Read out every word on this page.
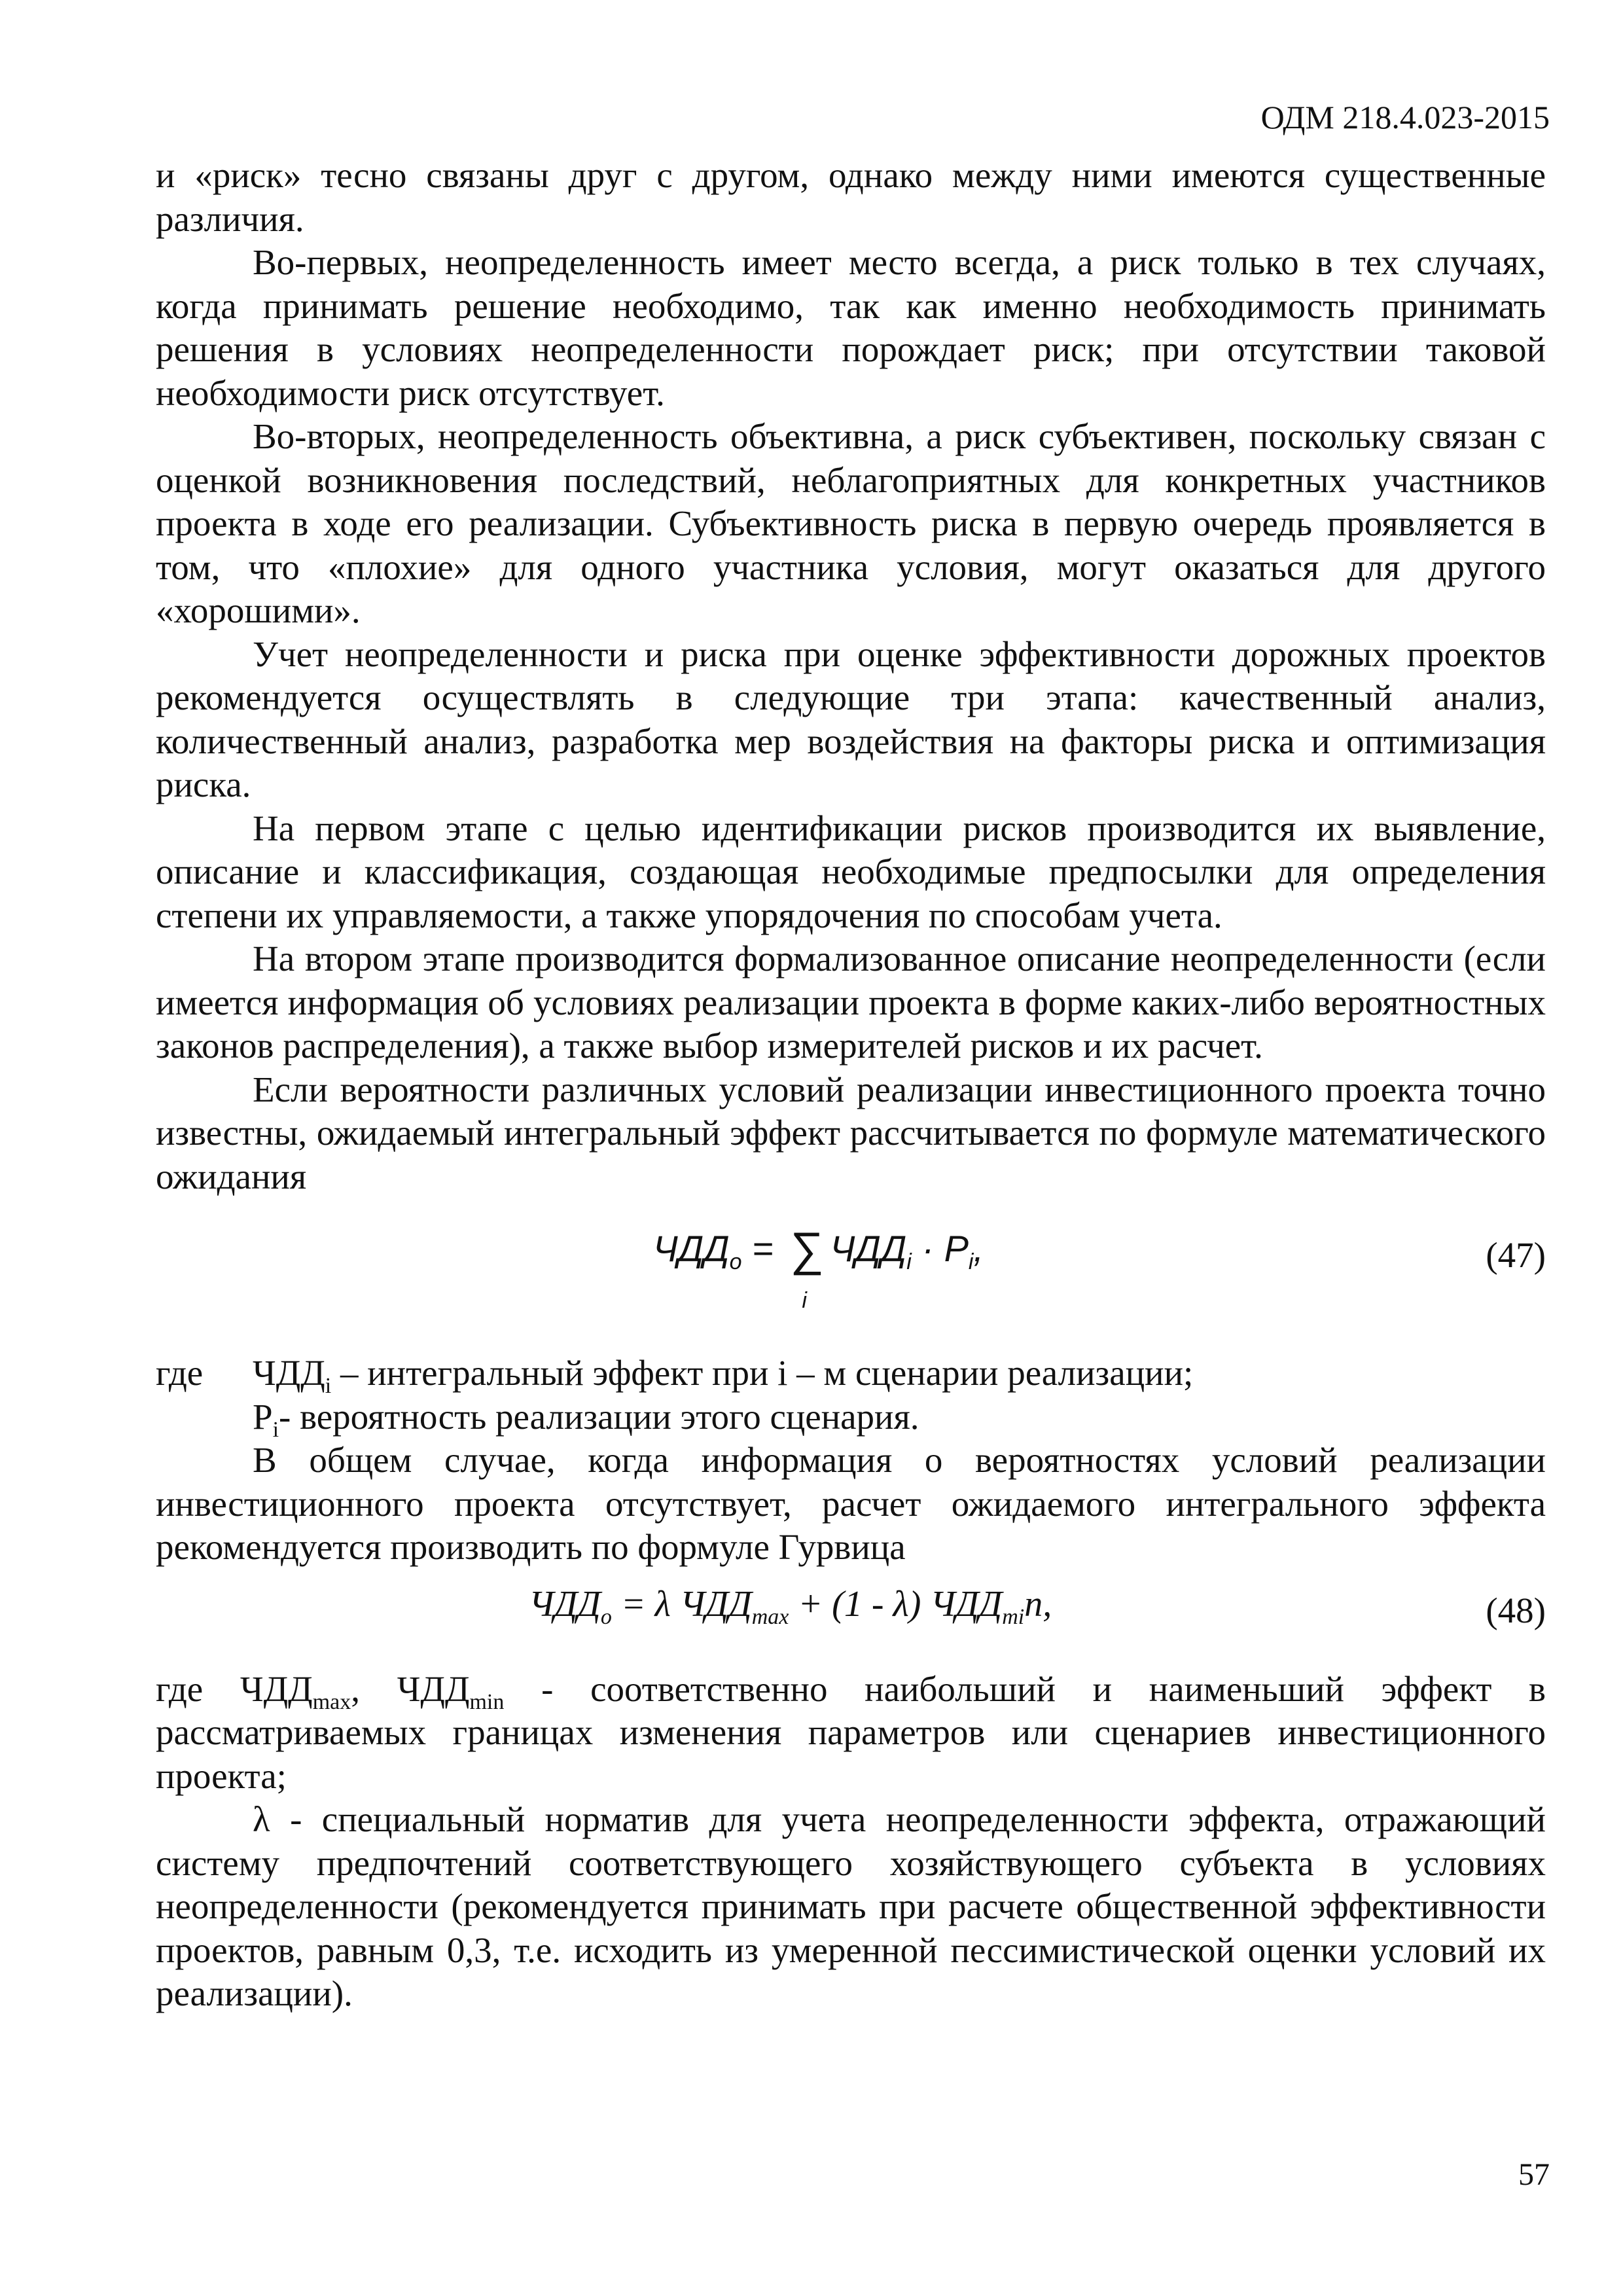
ОДМ 218.4.023-2015

и «риск» тесно связаны друг с другом, однако между ними имеются существенные различия.

Во-первых, неопределенность имеет место всегда, а риск только в тех случаях, когда принимать решение необходимо, так как именно необходимость принимать решения в условиях неопределенности порождает риск; при отсутствии таковой необходимости риск отсутствует.

Во-вторых, неопределенность объективна, а риск субъективен, поскольку связан с оценкой возникновения последствий, неблагоприятных для конкретных участников проекта в ходе его реализации. Субъективность риска в первую очередь проявляется в том, что «плохие» для одного участника условия, могут оказаться для другого «хорошими».

Учет неопределенности и риска при оценке эффективности дорожных проектов рекомендуется осуществлять в следующие три этапа: качественный анализ, количественный анализ, разработка мер воздействия на факторы риска и оптимизация риска.

На первом этапе с целью идентификации рисков производится их выявление, описание и классификация, создающая необходимые предпосылки для определения степени их управляемости, а также упорядочения по способам учета.

На втором этапе производится формализованное описание неопределенности (если имеется информация об условиях реализации проекта в форме каких-либо вероятностных законов распределения), а также выбор измерителей рисков и их расчет.

Если вероятности различных условий реализации инвестиционного проекта точно известны, ожидаемый интегральный эффект рассчитывается по формуле математического ожидания

$ЧДД_o$ = ∑
i
$ЧДД_i \cdot P_i$,	(47)

где $ЧДД_i$ – интегральный эффект при i – м сценарии реализации;

$P_i-$ вероятность реализации этого сценария.

В общем случае, когда информация о вероятностях условий реализации инвестиционного проекта отсутствует, расчет ожидаемого интегрального эффекта рекомендуется производить по формуле Гурвица

$ЧДД_o = \lambda$ $ЧДД_{max} + (1 - \lambda)$ $ЧДД_{mi}n$,	(48)

где $ЧДД_{max}$, $ЧДД_{min}$ - соответственно наибольший и наименьший эффект в рассматриваемых границах изменения параметров или сценариев инвестиционного проекта;

λ - специальный норматив для учета неопределенности эффекта, отражающий систему предпочтений соответствующего хозяйствующего субъекта в условиях неопределенности (рекомендуется принимать при расчете общественной эффективности проектов, равным 0,3, т.е. исходить из умеренной пессимистической оценки условий их реализации).

57
